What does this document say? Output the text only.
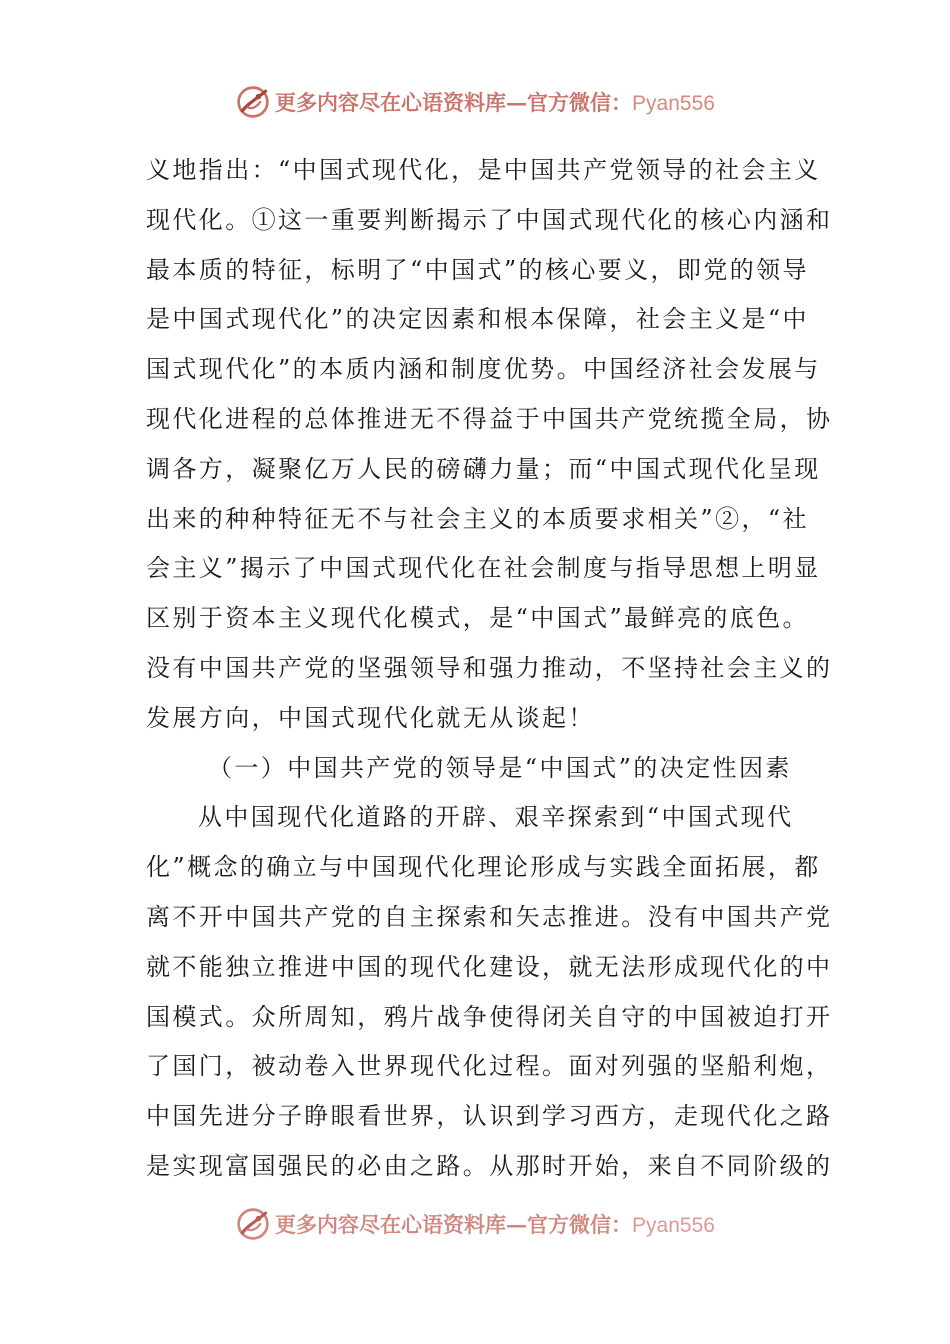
更多内容尽在心语资料库—官方微信：Pyan556
义地指出：“中国式现代化，是中国共产党领导的社会主义
现代化。①这一重要判断揭示了中国式现代化的核心内涵和
最本质的特征，标明了“中国式”的核心要义，即党的领导
是中国式现代化”的决定因素和根本保障，社会主义是“中
国式现代化”的本质内涵和制度优势。中国经济社会发展与
现代化进程的总体推进无不得益于中国共产党统揽全局，协
调各方，凝聚亿万人民的磅礴力量；而“中国式现代化呈现
出来的种种特征无不与社会主义的本质要求相关”②，“社
会主义”揭示了中国式现代化在社会制度与指导思想上明显
区别于资本主义现代化模式，是“中国式”最鲜亮的底色。
没有中国共产党的坚强领导和强力推动，不坚持社会主义的
发展方向，中国式现代化就无从谈起！
（一）中国共产党的领导是“中国式”的决定性因素
从中国现代化道路的开辟、艰辛探索到“中国式现代
化”概念的确立与中国现代化理论形成与实践全面拓展，都
离不开中国共产党的自主探索和矢志推进。没有中国共产党
就不能独立推进中国的现代化建设，就无法形成现代化的中
国模式。众所周知，鸦片战争使得闭关自守的中国被迫打开
了国门，被动卷入世界现代化过程。面对列强的坚船利炮，
中国先进分子睁眼看世界，认识到学习西方，走现代化之路
是实现富国强民的必由之路。从那时开始，来自不同阶级的
更多内容尽在心语资料库—官方微信：Pyan556
